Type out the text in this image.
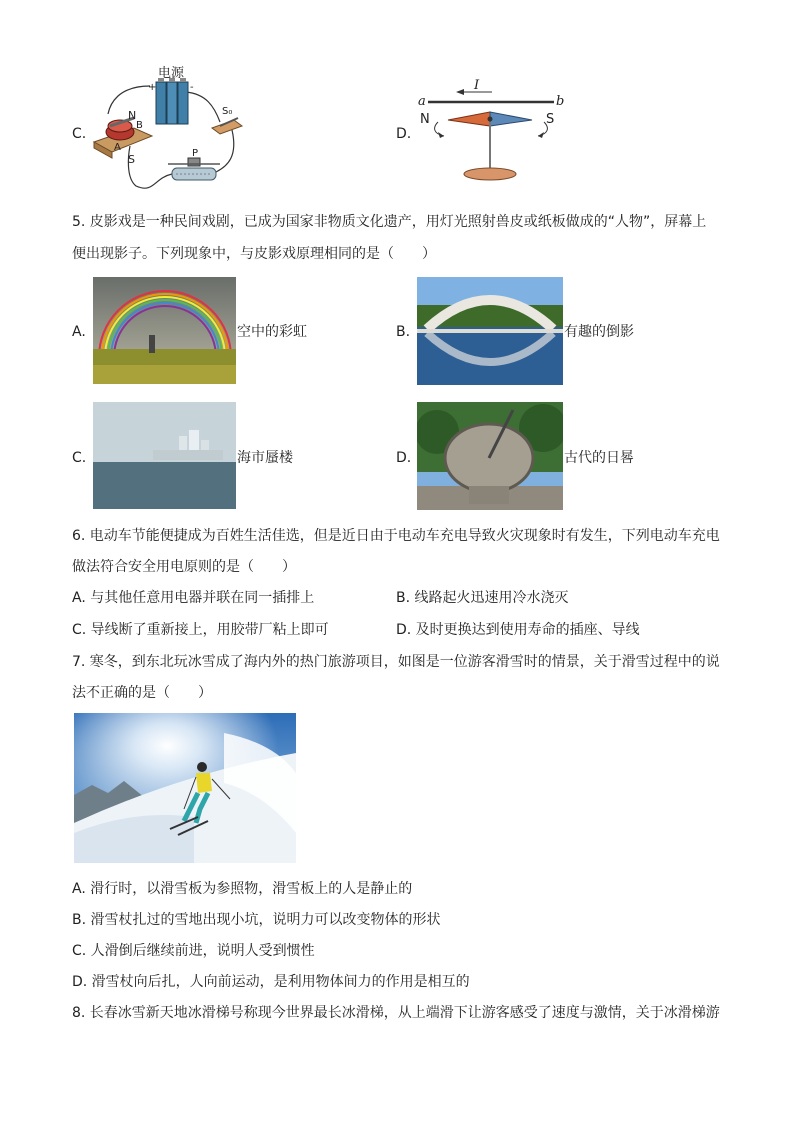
C.
电源
+	-
N
B
A
S
S₀
P
D.
a	b
I
N	S
5. 皮影戏是一种民间戏剧，已成为国家非物质文化遗产，用灯光照射兽皮或纸板做成的“人物”，屏幕上
便出现影子。下列现象中，与皮影戏原理相同的是（　　）
A.	空中的彩虹	B.	有趣的倒影
C.	海市蜃楼	D.	古代的日晷
6. 电动车节能便捷成为百姓生活佳选，但是近日由于电动车充电导致火灾现象时有发生，下列电动车充电
做法符合安全用电原则的是（　　）
A. 与其他任意用电器并联在同一插排上	B. 线路起火迅速用冷水浇灭
C. 导线断了重新接上，用胶带厂粘上即可	D. 及时更换达到使用寿命的插座、导线
7. 寒冬，到东北玩冰雪成了海内外的热门旅游项目，如图是一位游客滑雪时的情景，关于滑雪过程中的说
法不正确的是（　　）
A. 滑行时，以滑雪板为参照物，滑雪板上的人是静止的
B. 滑雪杖扎过的雪地出现小坑，说明力可以改变物体的形状
C. 人滑倒后继续前进，说明人受到惯性
D. 滑雪杖向后扎，人向前运动，是利用物体间力的作用是相互的
8. 长春冰雪新天地冰滑梯号称现今世界最长冰滑梯，从上端滑下让游客感受了速度与激情，关于冰滑梯游
